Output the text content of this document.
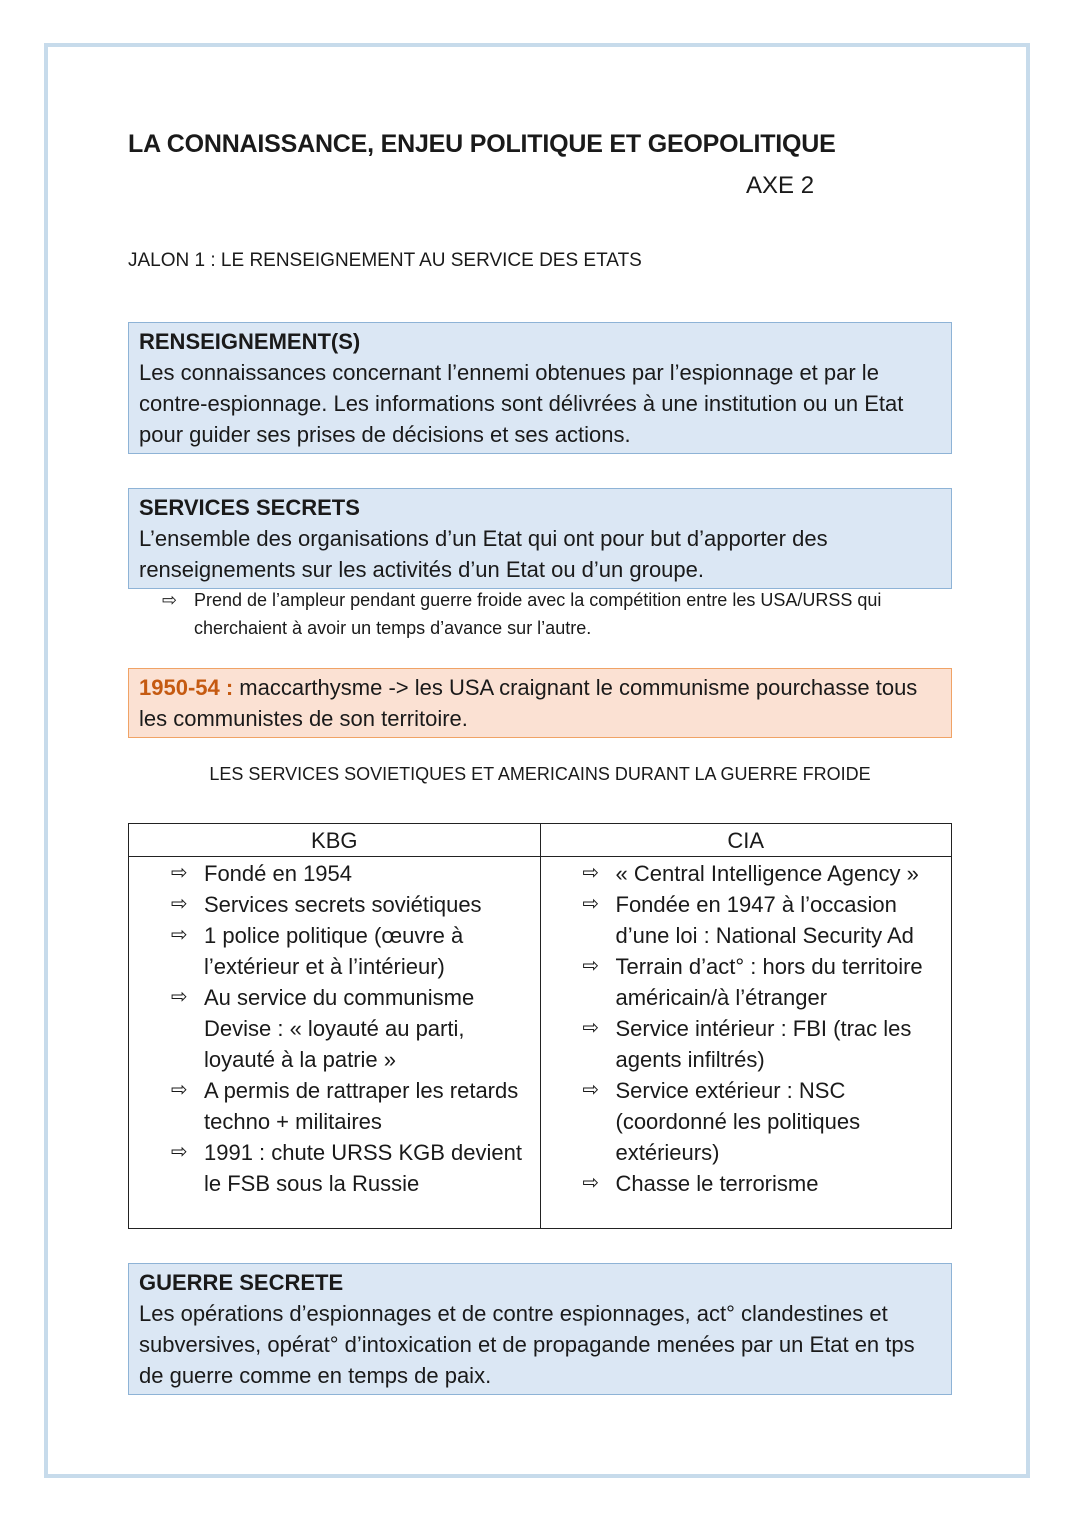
LA CONNAISSANCE, ENJEU POLITIQUE ET GEOPOLITIQUE
AXE 2
JALON 1 : LE RENSEIGNEMENT AU SERVICE DES ETATS
RENSEIGNEMENT(S)
Les connaissances concernant l’ennemi obtenues par l’espionnage et par le contre-espionnage. Les informations sont délivrées à une institution ou un Etat pour guider ses prises de décisions et ses actions.
SERVICES SECRETS
L’ensemble des organisations d’un Etat qui ont pour but d’apporter des renseignements sur les activités d’un Etat ou d’un groupe.
⇨ Prend de l’ampleur pendant guerre froide avec la compétition entre les USA/URSS qui cherchaient à avoir un temps d’avance sur l’autre.
1950-54 : maccarthysme -> les USA craignant le communisme pourchasse tous les communistes de son territoire.
LES SERVICES SOVIETIQUES ET AMERICAINS DURANT LA GUERRE FROIDE
KBG
⇨ Fondé en 1954
⇨ Services secrets soviétiques
⇨ 1 police politique (œuvre à l’extérieur et à l’intérieur)
⇨ Au service du communisme Devise : « loyauté au parti, loyauté à la patrie »
⇨ A permis de rattraper les retards techno + militaires
⇨ 1991 : chute URSS KGB devient le FSB sous la Russie
CIA
⇨ « Central Intelligence Agency »
⇨ Fondée en 1947 à l’occasion d’une loi : National Security Ad
⇨ Terrain d’act° : hors du territoire américain/à l’étranger
⇨ Service intérieur : FBI (trac les agents infiltrés)
⇨ Service extérieur : NSC (coordonné les politiques extérieurs)
⇨ Chasse le terrorisme
GUERRE SECRETE
Les opérations d’espionnages et de contre espionnages, act° clandestines et subversives, opérat° d’intoxication et de propagande menées par un Etat en tps de guerre comme en temps de paix.
